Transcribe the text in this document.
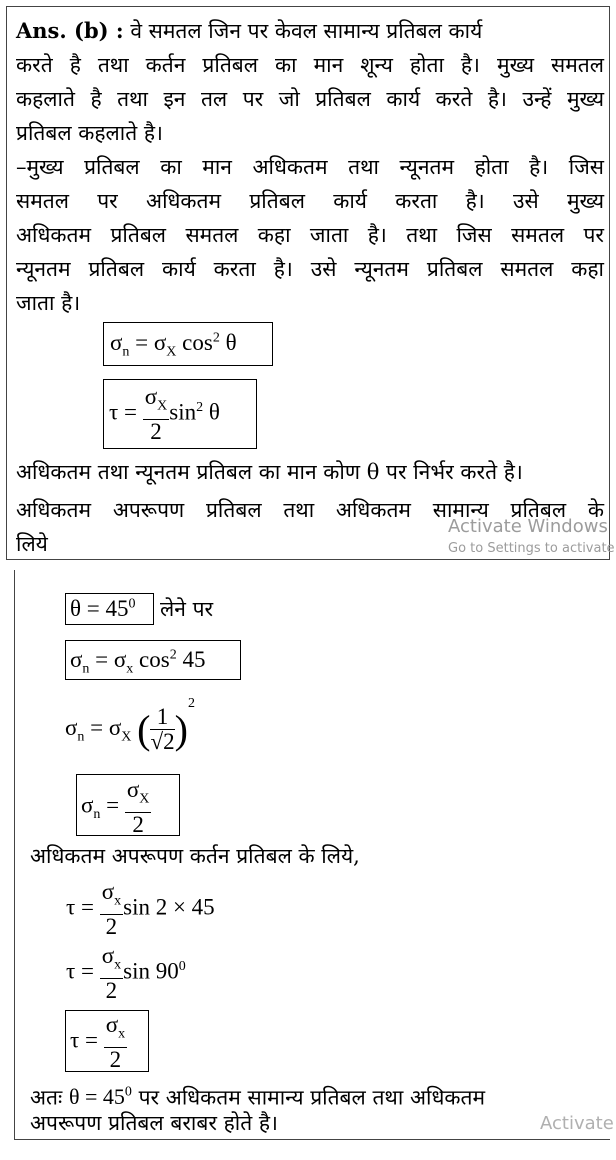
Ans. (b) : वे समतल जिन पर केवल सामान्य प्रतिबल कार्य
करते है तथा कर्तन प्रतिबल का मान शून्य होता है। मुख्य समतल
कहलाते है तथा इन तल पर जो प्रतिबल कार्य करते है। उन्हें मुख्य
प्रतिबल कहलाते है।
–मुख्य प्रतिबल का मान अधिकतम तथा न्यूनतम होता है। जिस
समतल पर अधिकतम प्रतिबल कार्य करता है। उसे मुख्य
अधिकतम प्रतिबल समतल कहा जाता है। तथा जिस समतल पर
न्यूनतम प्रतिबल कार्य करता है। उसे न्यूनतम प्रतिबल समतल कहा
जाता है।
$\sigma_n = \sigma_X$ $\cos^2 \theta$
$\tau = \frac{\sigma_X}{2} \sin^2 \theta$
अधिकतम तथा न्यूनतम प्रतिबल का मान कोण θ पर निर्भर करते है।
अधिकतम अपरूपण प्रतिबल तथा अधिकतम सामान्य प्रतिबल के
लिये
Activate Windows
Go to Settings to activate
$\theta = 45^0$ लेने पर
$\sigma_n = \sigma_x$ $\cos^2 45$
$\sigma_n = \sigma_X$ ( $\frac{1}{√2} )^2$
$\sigma_n = \frac{\sigma_X}{2}$
अधिकतम अपरूपण कर्तन प्रतिबल के लिये,
$\tau = \frac{\sigma_x}{2}$ sin 2 × 45
$\tau = \frac{\sigma_x}{2}$ $\sin 90^0$
$\tau = \frac{\sigma_x}{2}$
अतः $\theta = 45^0$ पर अधिकतम सामान्य प्रतिबल तथा अधिकतम
अपरूपण प्रतिबल बराबर होते है।	Activate
